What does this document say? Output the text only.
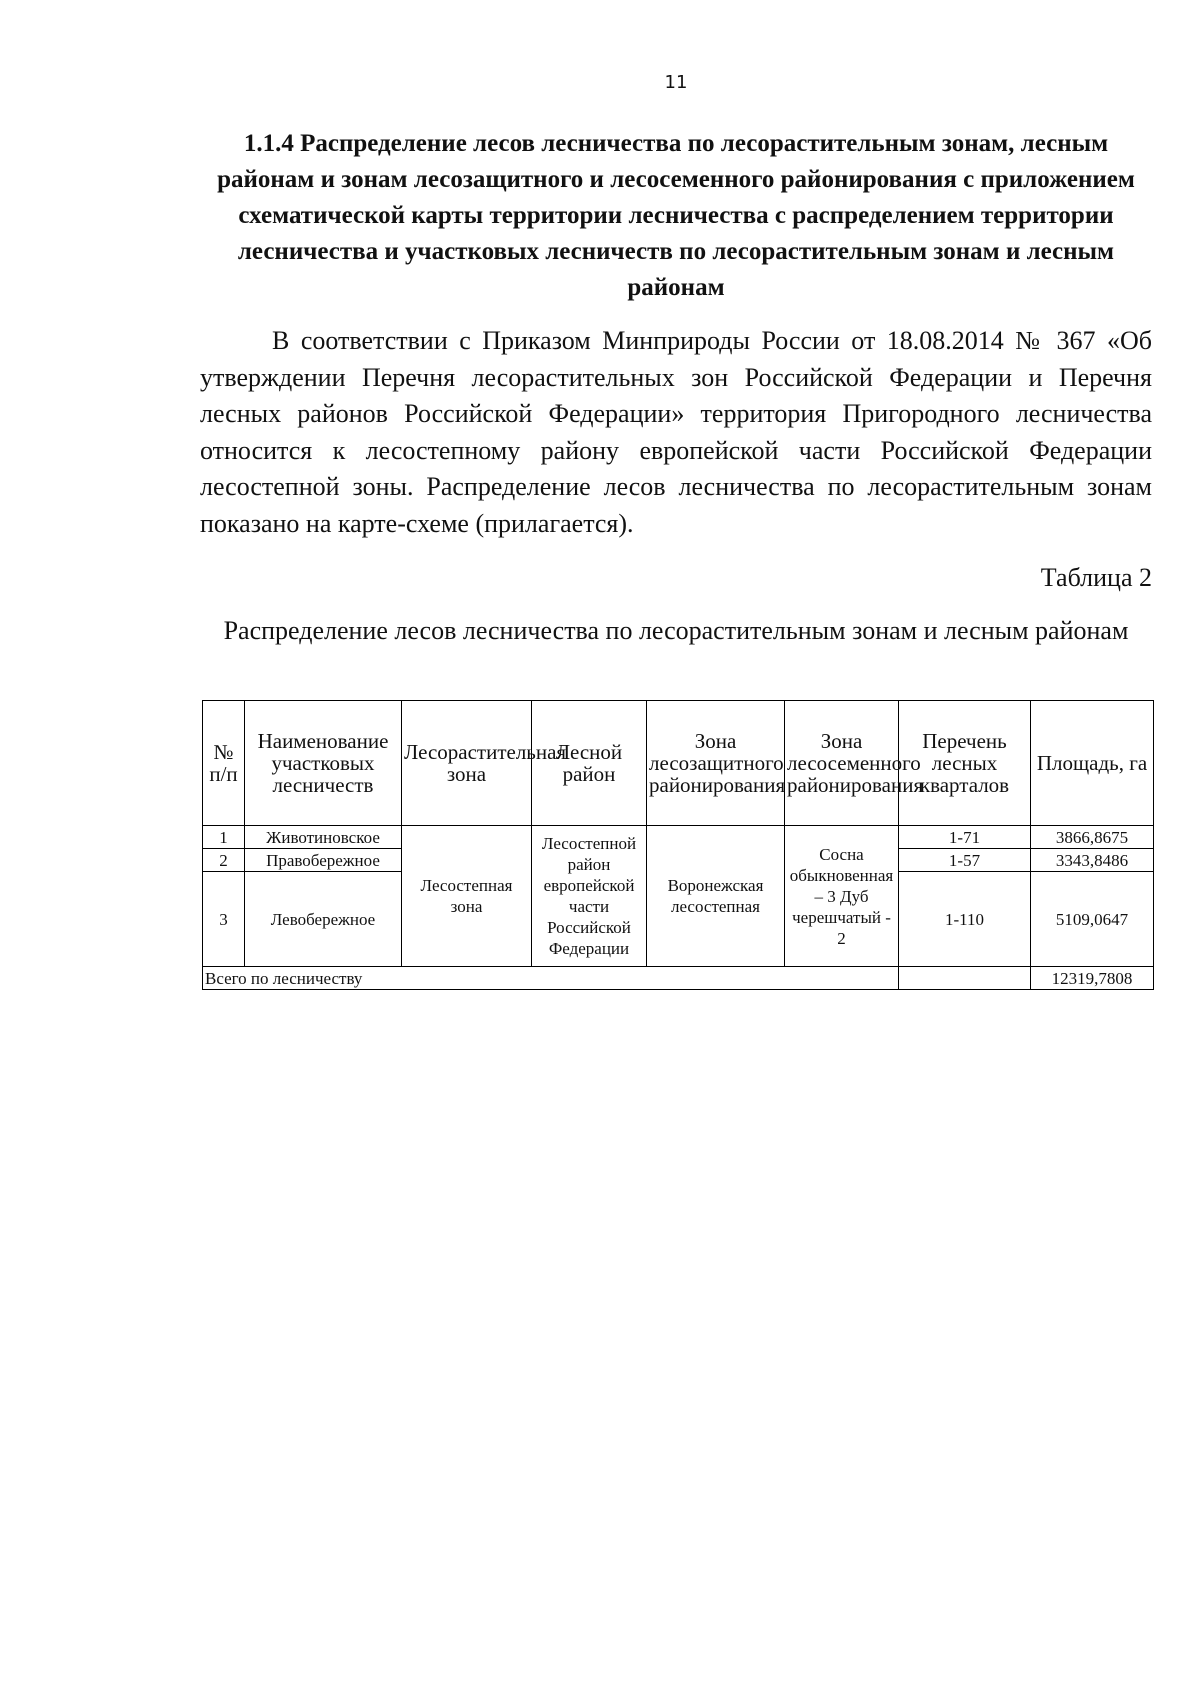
11
1.1.4 Распределение лесов лесничества по лесорастительным зонам, лесным районам и зонам лесозащитного и лесосеменного районирования с приложением схематической карты территории лесничества с распределением территории лесничества и участковых лесничеств по лесорастительным зонам и лесным районам

В соответствии с Приказом Минприроды России от 18.08.2014 № 367 «Об утверждении Перечня лесорастительных зон Российской Федерации и Перечня лесных районов Российской Федерации» территория Пригородного лесничества относится к лесостепному району европейской части Российской Федерации лесостепной зоны. Распределение лесов лесничества по лесорастительным зонам показано на карте-схеме (прилагается).

Таблица 2

Распределение лесов лесничества по лесорастительным зонам и лесным районам

№ п/п	Наименование участковых лесничеств	Лесорастительная зона	Лесной район	Зона лесозащитного районирования	Зона лесосеменного районирования	Перечень лесных кварталов	Площадь, га
1	Животиновское	Лесостепная зона	Лесостепной район европейской части Российской Федерации	Воронежская лесостепная	Сосна обыкновенная – 3 Дуб черешчатый - 2	1-71	3866,8675
2	Правобережное					1-57	3343,8486
3	Левобережное					1-110	5109,0647
Всего по лесничеству							12319,7808
